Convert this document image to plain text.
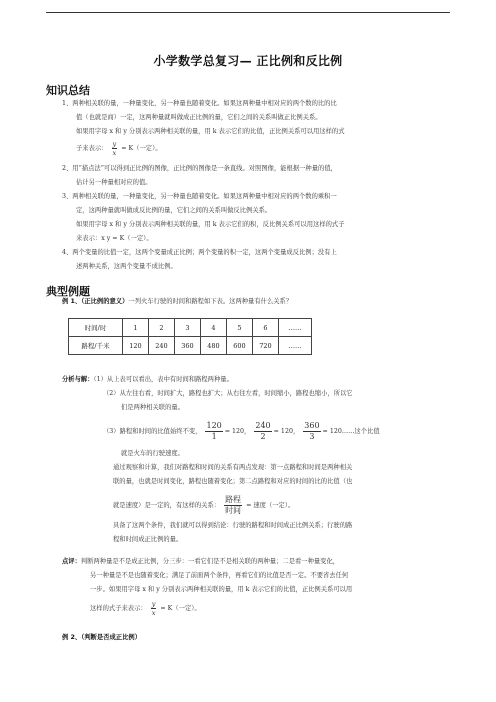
小学数学总复习— 正比例和反比例
知识总结
1、两种相关联的量，一种量变化，另一种量也随着变化。如果这两种量中相对应的两个数的比的比
值（也就是商）一定，这两种量就叫做成正比例的量，它们之间的关系叫做正比例关系。
如果用字母 x 和 y 分别表示两种相关联的量，用 k 表示它们的比值，正比例关系可以用这样的式
子来表示： $\frac{y}{x} = K$（一定）。
2、用“描点法”可以得到正比例的图像，正比例的图像是一条直线。对照图像，能根据一种量的值，
估计另一种量相对应的值。
3、两种相关联的量，一种量变化，另一种量也随着变化。如果这两种量中相对应的两个数的乘积一
定，这两种量就叫做成反比例的量，它们之间的关系叫做反比例关系。
如果用字母 x 和 y 分别表示两种相关联的量，用 k 表示它们的积，反比例关系可以用这样的式子
来表示：x y = K（一定）。
4、两个变量的比值一定，这两个变量成正比例；两个变量的积一定，这两个变量成反比例；没有上
述两种关系，这两个变量不成比例。
典型例题
例 1、（正比例的意义）一列火车行驶的时间和路程如下表。这两种量有什么关系？
时间/时	1	2	3	4	5	6	……
路程/千米	120	240	360	480	600	720	……
分析与解：（1）从上表可以看出，表中有时间和路程两种量。
（2）从左往右看，时间扩大，路程也扩大；从右往左看，时间缩小，路程也缩小，所以它
们是两种相关联的量。
（3）路程和时间的比值始终不变， $\frac{120}{1} = 120$， $\frac{240}{2} = 120$， $\frac{360}{3}$ = 120……这个比值
就是火车的行驶速度。
通过观察和计算，我们对路程和时间的关系有两点发现：第一点路程和时间是两种相关
联的量，也就是时间变化，路程也随着变化；第二点路程和对应的时间的比的比值（也
就是速度）是一定的，有这样的关系： $\frac{\text{路程}}{\text{时间}}$ = 速度（一定）。
具备了这两个条件，我们就可以得到结论：行驶的路程和时间成正比例关系；行驶的路
程和时间成正比例的量。
点评：判断两种量是不是成正比例，分三步：一看它们是不是相关联的两种量；二是看一种量变化，
另一种量是不是也随着变化；满足了前面两个条件，再看它们的比值是否一定。不要省去任何
一步。如果用字母 x 和 y 分别表示两种相关联的量，用 k 表示它们的比值，正比例关系可以用
这样的式子来表示： $\frac{y}{x} = K$（一定）。
例 2、（判断是否成正比例）
